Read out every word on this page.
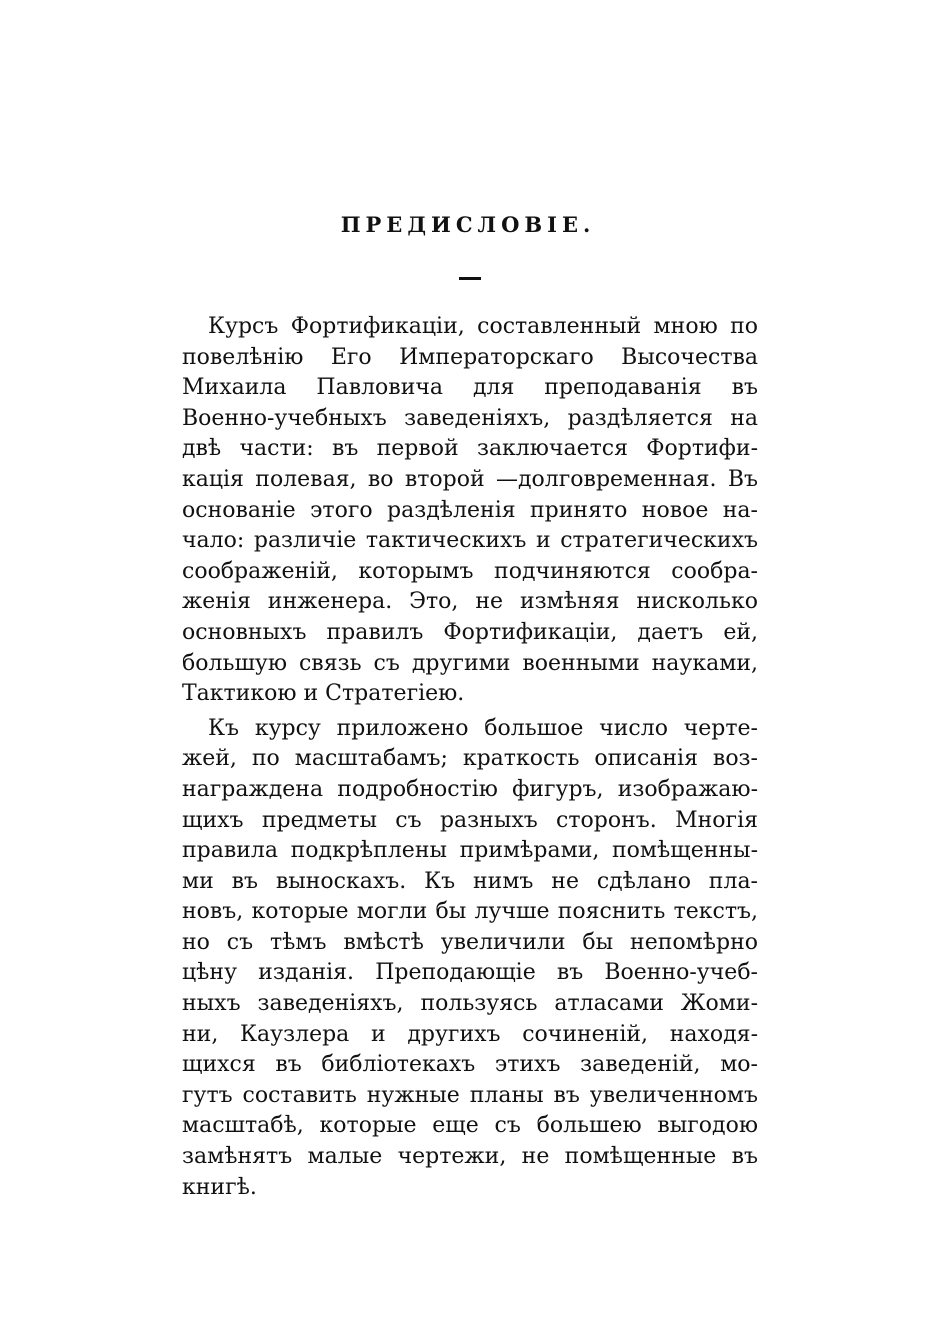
ПРЕДИСЛОВІЕ.
Курсъ Фортификаціи, составленный мною по
повелѣнію Его Императорскаго Высочества
Михаила Павловича для преподаванія въ
Военно-учебныхъ заведеніяхъ, раздѣляется на
двѣ части: въ первой заключается Фортифи-
кація полевая, во второй —долговременная. Въ
основаніе этого раздѣленія принято новое на-
чало: различіе тактическихъ и стратегическихъ
соображеній, которымъ подчиняются сообра-
женія инженера. Это, не измѣняя нисколько
основныхъ правилъ Фортификаціи, даетъ ей,
большую связь съ другими военными науками,
Тактикою и Стратегіею.
Къ курсу приложено большое число черте-
жей, по масштабамъ; краткость описанія воз-
награждена подробностію фигуръ, изображаю-
щихъ предметы съ разныхъ сторонъ. Многія
правила подкрѣплены примѣрами, помѣщенны-
ми въ выноскахъ. Къ нимъ не сдѣлано пла-
новъ, которые могли бы лучше пояснить текстъ,
но съ тѣмъ вмѣстѣ увеличили бы непомѣрно
цѣну изданія. Преподающіе въ Военно-учеб-
ныхъ заведеніяхъ, пользуясь атласами Жоми-
ни, Каузлера и другихъ сочиненій, находя-
щихся въ библіотекахъ этихъ заведеній, мо-
гутъ составить нужные планы въ увеличенномъ
масштабѣ, которые еще съ большею выгодою
замѣнятъ малые чертежи, не помѣщенные въ
книгѣ.
